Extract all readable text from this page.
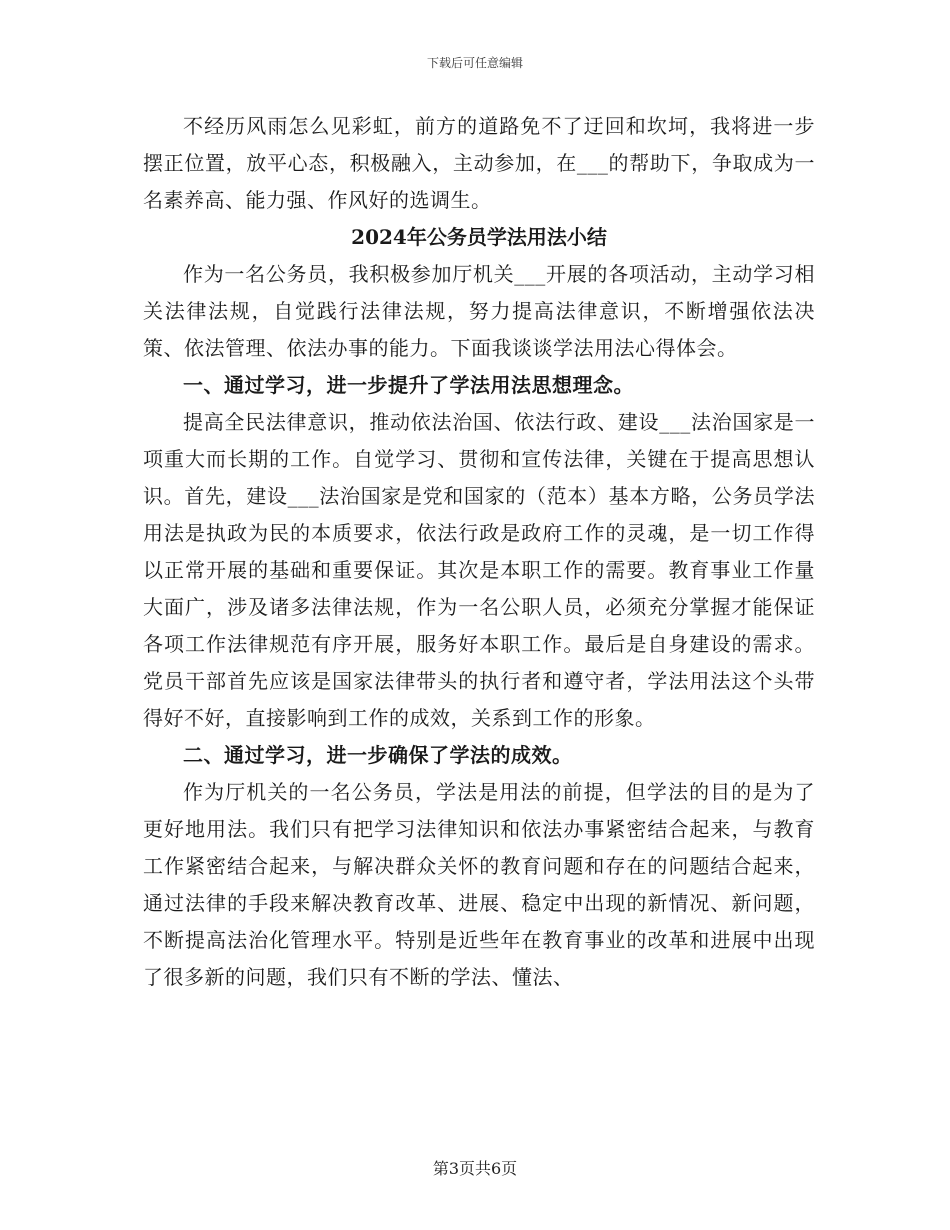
下载后可任意编辑

不经历风雨怎么见彩虹，前方的道路免不了迂回和坎坷，我将进一步摆正位置，放平心态，积极融入，主动参加，在___的帮助下，争取成为一名素养高、能力强、作风好的选调生。

2024年公务员学法用法小结

作为一名公务员，我积极参加厅机关___开展的各项活动，主动学习相关法律法规，自觉践行法律法规，努力提高法律意识，不断增强依法决策、依法管理、依法办事的能力。下面我谈谈学法用法心得体会。

一、通过学习，进一步提升了学法用法思想理念。

提高全民法律意识，推动依法治国、依法行政、建设___法治国家是一项重大而长期的工作。自觉学习、贯彻和宣传法律，关键在于提高思想认识。首先，建设___法治国家是党和国家的（范本）基本方略，公务员学法用法是执政为民的本质要求，依法行政是政府工作的灵魂，是一切工作得以正常开展的基础和重要保证。其次是本职工作的需要。教育事业工作量大面广，涉及诸多法律法规，作为一名公职人员，必须充分掌握才能保证各项工作法律规范有序开展，服务好本职工作。最后是自身建设的需求。党员干部首先应该是国家法律带头的执行者和遵守者，学法用法这个头带得好不好，直接影响到工作的成效，关系到工作的形象。

二、通过学习，进一步确保了学法的成效。

作为厅机关的一名公务员，学法是用法的前提，但学法的目的是为了更好地用法。我们只有把学习法律知识和依法办事紧密结合起来，与教育工作紧密结合起来，与解决群众关怀的教育问题和存在的问题结合起来，通过法律的手段来解决教育改革、进展、稳定中出现的新情况、新问题，不断提高法治化管理水平。特别是近些年在教育事业的改革和进展中出现了很多新的问题，我们只有不断的学法、懂法、

第3页共6页
